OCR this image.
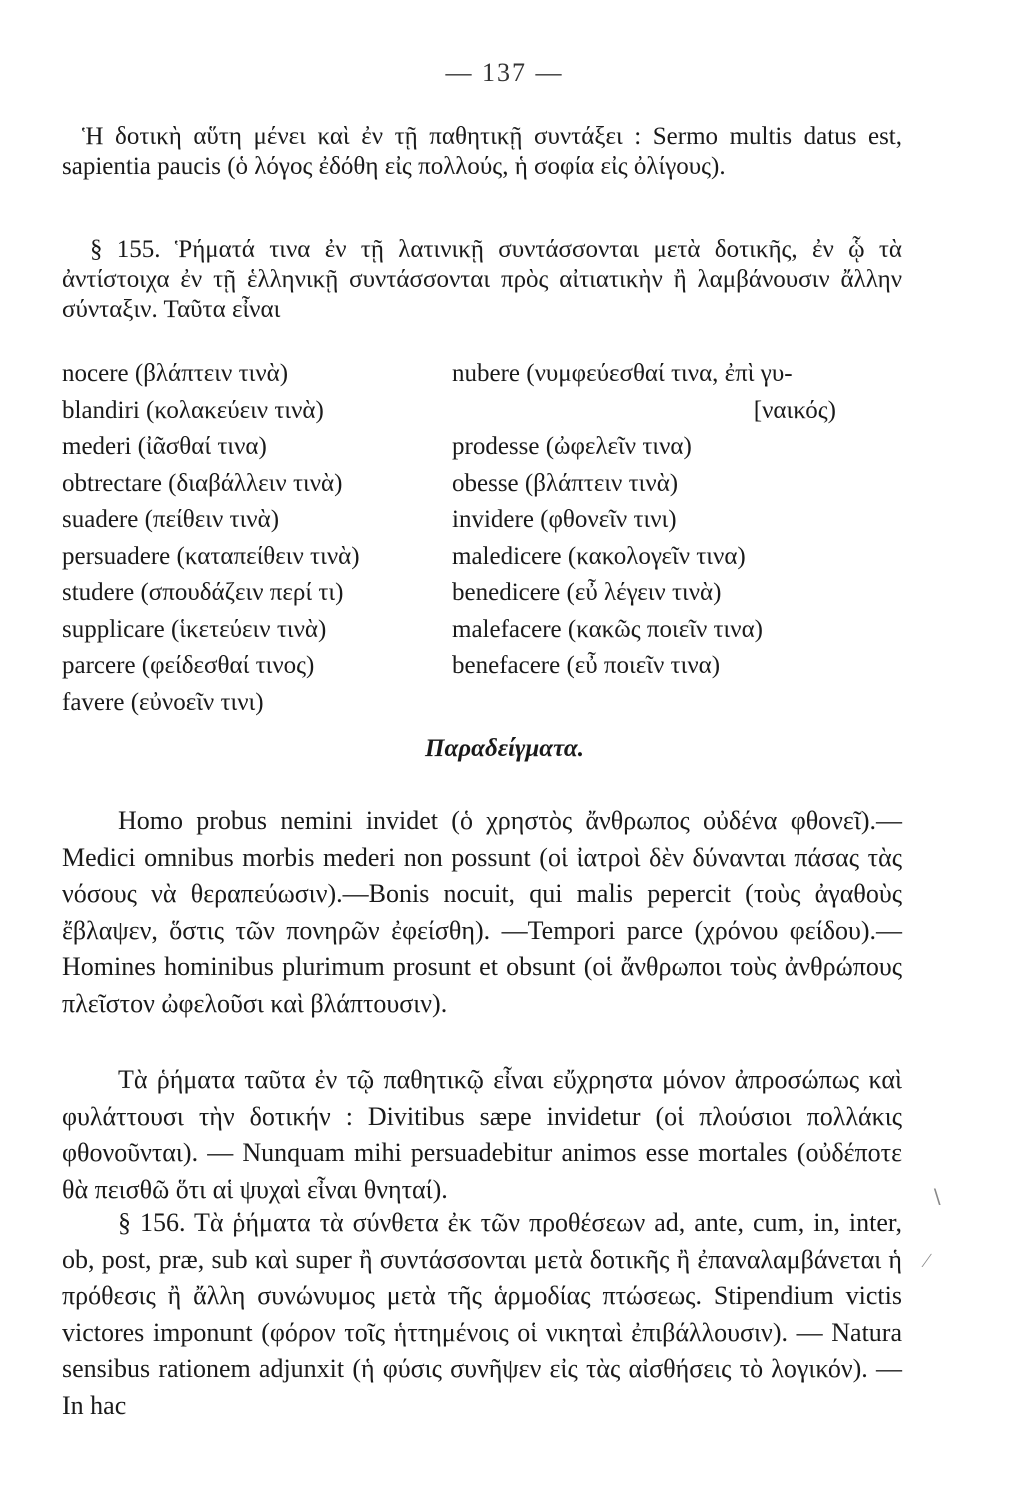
— 137 —

Ἡ δοτικὴ αὕτη μένει καὶ ἐν τῇ παθητικῇ συντάξει : Sermo multis datus est, sapientia paucis (ὁ λόγος ἐδόθη εἰς πολλούς, ἡ σοφία εἰς ὀλίγους).

§ 155. Ῥήματά τινα ἐν τῇ λατινικῇ συντάσσονται μετὰ δοτικῆς, ἐν ᾧ τὰ ἀντίστοιχα ἐν τῇ ἑλληνικῇ συντάσσονται πρὸς αἰτιατικὴν ἢ λαμβάνουσιν ἄλλην σύνταξιν. Ταῦτα εἶναι

nocere (βλάπτειν τινὰ)
blandiri (κολακεύειν τινὰ)
mederi (ἰᾶσθαί τινα)
obtrectare (διαβάλλειν τινὰ)
suadere (πείθειν τινὰ)
persuadere (καταπείθειν τινὰ)
studere (σπουδάζειν περί τι)
supplicare (ἱκετεύειν τινὰ)
parcere (φείδεσθαί τινος)
favere (εὐνοεῖν τινι)
nubere (νυμφεύεσθαί τινα, ἐπὶ γυ-
[ναικός)
prodesse (ὠφελεῖν τινα)
obesse (βλάπτειν τινὰ)
invidere (φθονεῖν τινι)
maledicere (κακολογεῖν τινα)
benedicere (εὖ λέγειν τινὰ)
malefacere (κακῶς ποιεῖν τινα)
benefacere (εὖ ποιεῖν τινα)
Παραδείγματα.

Homo probus nemini invidet (ὁ χρηστὸς ἄνθρωπος οὐδένα φθονεῖ).—Medici omnibus morbis mederi non possunt (οἱ ἰατροὶ δὲν δύνανται πάσας τὰς νόσους νὰ θεραπεύωσιν).—Bonis nocuit, qui malis pepercit (τοὺς ἀγαθοὺς ἔβλαψεν, ὅστις τῶν πονηρῶν ἐφείσθη). —Tempori parce (χρόνου φείδου).—Homines hominibus plurimum prosunt et obsunt (οἱ ἄνθρωποι τοὺς ἀνθρώπους πλεῖστον ὠφελοῦσι καὶ βλάπτουσιν).

Τὰ ῥήματα ταῦτα ἐν τῷ παθητικῷ εἶναι εὔχρηστα μόνον ἀπροσώπως καὶ φυλάττουσι τὴν δοτικήν : Divitibus sæpe invidetur (οἱ πλούσιοι πολλάκις φθονοῦνται). — Nunquam mihi persuadebitur animos esse mortales (οὐδέποτε θὰ πεισθῶ ὅτι αἱ ψυχαὶ εἶναι θνηταί).

§ 156. Τὰ ῥήματα τὰ σύνθετα ἐκ τῶν προθέσεων ad, ante, cum, in, inter, ob, post, præ, sub καὶ super ἢ συντάσσονται μετὰ δοτικῆς ἢ ἐπαναλαμβάνεται ἡ πρόθεσις ἢ ἄλλη συνώνυμος μετὰ τῆς ἁρμοδίας πτώσεως. Stipendium victis victores imponunt (φόρον τοῖς ἡττημένοις οἱ νικηταὶ ἐπιβάλλουσιν). — Natura sensibus rationem adjunxit (ἡ φύσις συνῆψεν εἰς τὰς αἰσθήσεις τὸ λογικόν). — In hac

∖
∕
